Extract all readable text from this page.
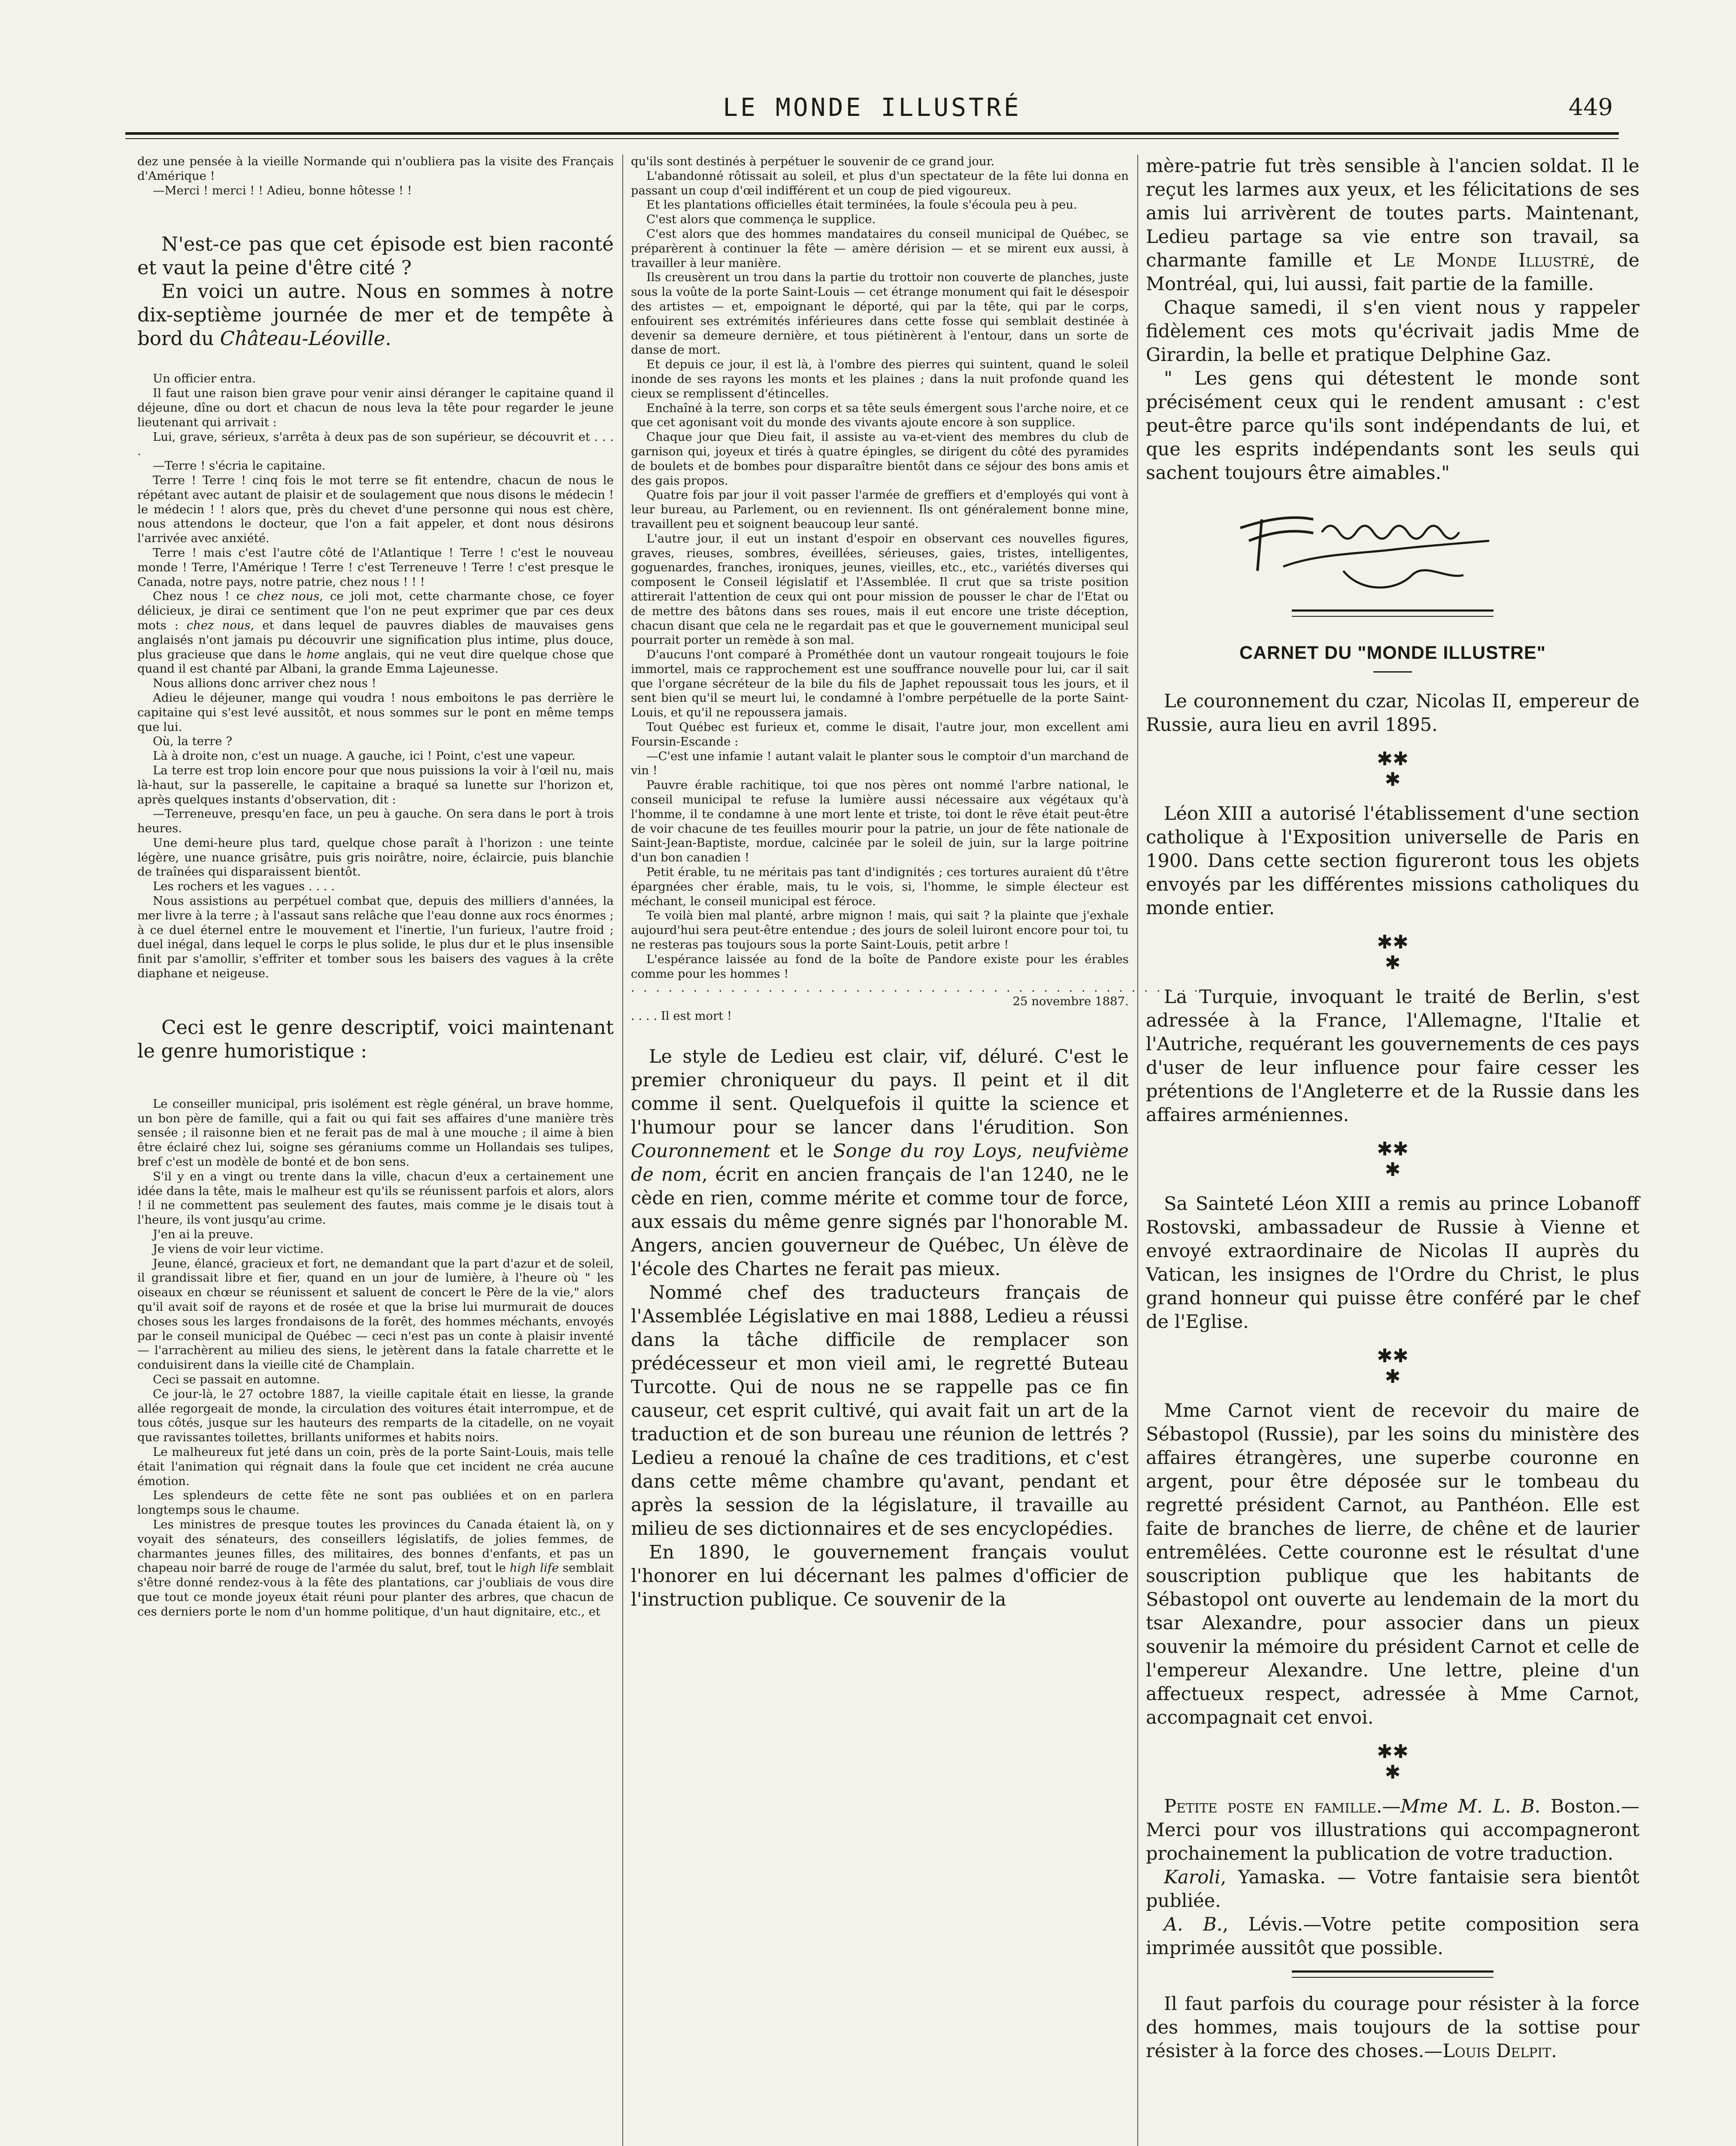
LE MONDE ILLUSTRÉ	449

dez une pensée à la vieille Normande qui n'oubliera pas la visite des Français d'Amérique !

—Merci ! merci ! ! Adieu, bonne hôtesse ! !

N'est-ce pas que cet épisode est bien raconté et vaut la peine d'être cité ?

En voici un autre. Nous en sommes à notre dix-septième journée de mer et de tempête à bord du Château-Léoville.

Un officier entra.

Il faut une raison bien grave pour venir ainsi déranger le capitaine quand il déjeune, dîne ou dort et chacun de nous leva la tête pour regarder le jeune lieutenant qui arrivait :

Lui, grave, sérieux, s'arrêta à deux pas de son supérieur, se découvrit et . . . .

—Terre ! s'écria le capitaine.

Terre ! Terre ! cinq fois le mot terre se fit entendre, chacun de nous le répétant avec autant de plaisir et de soulagement que nous disons le médecin ! le médecin ! ! alors que, près du chevet d'une personne qui nous est chère, nous attendons le docteur, que l'on a fait appeler, et dont nous désirons l'arrivée avec anxiété.

Terre ! mais c'est l'autre côté de l'Atlantique ! Terre ! c'est le nouveau monde ! Terre, l'Amérique ! Terre ! c'est Terreneuve ! Terre ! c'est presque le Canada, notre pays, notre patrie, chez nous ! ! !

Chez nous ! ce chez nous, ce joli mot, cette charmante chose, ce foyer délicieux, je dirai ce sentiment que l'on ne peut exprimer que par ces deux mots : chez nous, et dans lequel de pauvres diables de mauvaises gens anglaisés n'ont jamais pu découvrir une signification plus intime, plus douce, plus gracieuse que dans le home anglais, qui ne veut dire quelque chose que quand il est chanté par Albani, la grande Emma Lajeunesse.

Nous allions donc arriver chez nous !

Adieu le déjeuner, mange qui voudra ! nous emboitons le pas derrière le capitaine qui s'est levé aussitôt, et nous sommes sur le pont en même temps que lui.

Où, la terre ?

Là à droite non, c'est un nuage. A gauche, ici ! Point, c'est une vapeur.

La terre est trop loin encore pour que nous puissions la voir à l'œil nu, mais là-haut, sur la passerelle, le capitaine a braqué sa lunette sur l'horizon et, après quelques instants d'observation, dit :

—Terreneuve, presqu'en face, un peu à gauche. On sera dans le port à trois heures.

Une demi-heure plus tard, quelque chose paraît à l'horizon : une teinte légère, une nuance grisâtre, puis gris noirâtre, noire, éclaircie, puis blanchie de traînées qui disparaissent bientôt.

Les rochers et les vagues . . . .

Nous assistions au perpétuel combat que, depuis des milliers d'années, la mer livre à la terre ; à l'assaut sans relâche que l'eau donne aux rocs énormes ; à ce duel éternel entre le mouvement et l'inertie, l'un furieux, l'autre froid ; duel inégal, dans lequel le corps le plus solide, le plus dur et le plus insensible finit par s'amollir, s'effriter et tomber sous les baisers des vagues à la crête diaphane et neigeuse.

Ceci est le genre descriptif, voici maintenant le genre humoristique :

Le conseiller municipal, pris isolément est règle général, un brave homme, un bon père de famille, qui a fait ou qui fait ses affaires d'une manière très sensée ; il raisonne bien et ne ferait pas de mal à une mouche ; il aime à bien être éclairé chez lui, soigne ses géraniums comme un Hollandais ses tulipes, bref c'est un modèle de bonté et de bon sens.

S'il y en a vingt ou trente dans la ville, chacun d'eux a certainement une idée dans la tête, mais le malheur est qu'ils se réunissent parfois et alors, alors ! il ne commettent pas seulement des fautes, mais comme je le disais tout à l'heure, ils vont jusqu'au crime.

J'en ai la preuve.

Je viens de voir leur victime.

Jeune, élancé, gracieux et fort, ne demandant que la part d'azur et de soleil, il grandissait libre et fier, quand en un jour de lumière, à l'heure où " les oiseaux en chœur se réunissent et saluent de concert le Père de la vie," alors qu'il avait soif de rayons et de rosée et que la brise lui murmurait de douces choses sous les larges frondaisons de la forêt, des hommes méchants, envoyés par le conseil municipal de Québec — ceci n'est pas un conte à plaisir inventé — l'arrachèrent au milieu des siens, le jetèrent dans la fatale charrette et le conduisirent dans la vieille cité de Champlain.

Ceci se passait en automne.

Ce jour-là, le 27 octobre 1887, la vieille capitale était en liesse, la grande allée regorgeait de monde, la circulation des voitures était interrompue, et de tous côtés, jusque sur les hauteurs des remparts de la citadelle, on ne voyait que ravissantes toilettes, brillants uniformes et habits noirs.

Le malheureux fut jeté dans un coin, près de la porte Saint-Louis, mais telle était l'animation qui régnait dans la foule que cet incident ne créa aucune émotion.

Les splendeurs de cette fête ne sont pas oubliées et on en parlera longtemps sous le chaume.

Les ministres de presque toutes les provinces du Canada étaient là, on y voyait des sénateurs, des conseillers législatifs, de jolies femmes, de charmantes jeunes filles, des militaires, des bonnes d'enfants, et pas un chapeau noir barré de rouge de l'armée du salut, bref, tout le high life semblait s'être donné rendez-vous à la fête des plantations, car j'oubliais de vous dire que tout ce monde joyeux était réuni pour planter des arbres, que chacun de ces derniers porte le nom d'un homme politique, d'un haut dignitaire, etc., et

qu'ils sont destinés à perpétuer le souvenir de ce grand jour.

L'abandonné rôtissait au soleil, et plus d'un spectateur de la fête lui donna en passant un coup d'œil indifférent et un coup de pied vigoureux.

Et les plantations officielles était terminées, la foule s'écoula peu à peu.

C'est alors que commença le supplice.

C'est alors que des hommes mandataires du conseil municipal de Québec, se préparèrent à continuer la fête — amère dérision — et se mirent eux aussi, à travailler à leur manière.

Ils creusèrent un trou dans la partie du trottoir non couverte de planches, juste sous la voûte de la porte Saint-Louis — cet étrange monument qui fait le désespoir des artistes — et, empoignant le déporté, qui par la tête, qui par le corps, enfouirent ses extrémités inférieures dans cette fosse qui semblait destinée à devenir sa demeure dernière, et tous piétinèrent à l'entour, dans un sorte de danse de mort.

Et depuis ce jour, il est là, à l'ombre des pierres qui suintent, quand le soleil inonde de ses rayons les monts et les plaines ; dans la nuit profonde quand les cieux se remplissent d'étincelles.

Enchaîné à la terre, son corps et sa tête seuls émergent sous l'arche noire, et ce que cet agonisant voit du monde des vivants ajoute encore à son supplice.

Chaque jour que Dieu fait, il assiste au va-et-vient des membres du club de garnison qui, joyeux et tirés à quatre épingles, se dirigent du côté des pyramides de boulets et de bombes pour disparaître bientôt dans ce séjour des bons amis et des gais propos.

Quatre fois par jour il voit passer l'armée de greffiers et d'employés qui vont à leur bureau, au Parlement, ou en reviennent. Ils ont généralement bonne mine, travaillent peu et soignent beaucoup leur santé.

L'autre jour, il eut un instant d'espoir en observant ces nouvelles figures, graves, rieuses, sombres, éveillées, sérieuses, gaies, tristes, intelligentes, goguenardes, franches, ironiques, jeunes, vieilles, etc., etc., variétés diverses qui composent le Conseil législatif et l'Assemblée. Il crut que sa triste position attirerait l'attention de ceux qui ont pour mission de pousser le char de l'Etat ou de mettre des bâtons dans ses roues, mais il eut encore une triste déception, chacun disant que cela ne le regardait pas et que le gouvernement municipal seul pourrait porter un remède à son mal.

D'aucuns l'ont comparé à Prométhée dont un vautour rongeait toujours le foie immortel, mais ce rapprochement est une souffrance nouvelle pour lui, car il sait que l'organe sécréteur de la bile du fils de Japhet repoussait tous les jours, et il sent bien qu'il se meurt lui, le condamné à l'ombre perpétuelle de la porte Saint-Louis, et qu'il ne repoussera jamais.

Tout Québec est furieux et, comme le disait, l'autre jour, mon excellent ami Foursin-Escande :

—C'est une infamie ! autant valait le planter sous le comptoir d'un marchand de vin !

Pauvre érable rachitique, toi que nos pères ont nommé l'arbre national, le conseil municipal te refuse la lumière aussi nécessaire aux végétaux qu'à l'homme, il te condamne à une mort lente et triste, toi dont le rêve était peut-être de voir chacune de tes feuilles mourir pour la patrie, un jour de fête nationale de Saint-Jean-Baptiste, mordue, calcinée par le soleil de juin, sur la large poitrine d'un bon canadien !

Petit érable, tu ne méritais pas tant d'indignités ; ces tortures auraient dû t'être épargnées cher érable, mais, tu le vois, si, l'homme, le simple électeur est méchant, le conseil municipal est féroce.

Te voilà bien mal planté, arbre mignon ! mais, qui sait ? la plainte que j'exhale aujourd'hui sera peut-être entendue ; des jours de soleil luiront encore pour toi, tu ne resteras pas toujours sous la porte Saint-Louis, petit arbre !

L'espérance laissée au fond de la boîte de Pandore existe pour les érables comme pour les hommes !

. . . . . . . . . . . . . . . . . . . . . . . . . . . . . . . . . . . . . . . . . . . . . .

25 novembre 1887.

. . . . Il est mort !

Le style de Ledieu est clair, vif, déluré. C'est le premier chroniqueur du pays. Il peint et il dit comme il sent. Quelquefois il quitte la science et l'humour pour se lancer dans l'érudition. Son Couronnement et le Songe du roy Loys, neufvième de nom, écrit en ancien français de l'an 1240, ne le cède en rien, comme mérite et comme tour de force, aux essais du même genre signés par l'honorable M. Angers, ancien gouverneur de Québec, Un élève de l'école des Chartes ne ferait pas mieux.

Nommé chef des traducteurs français de l'Assemblée Législative en mai 1888, Ledieu a réussi dans la tâche difficile de remplacer son prédécesseur et mon vieil ami, le regretté Buteau Turcotte. Qui de nous ne se rappelle pas ce fin causeur, cet esprit cultivé, qui avait fait un art de la traduction et de son bureau une réunion de lettrés ? Ledieu a renoué la chaîne de ces traditions, et c'est dans cette même chambre qu'avant, pendant et après la session de la législature, il travaille au milieu de ses dictionnaires et de ses encyclopédies.

En 1890, le gouvernement français voulut l'honorer en lui décernant les palmes d'officier de l'instruction publique. Ce souvenir de la

mère-patrie fut très sensible à l'ancien soldat. Il le reçut les larmes aux yeux, et les félicitations de ses amis lui arrivèrent de toutes parts. Maintenant, Ledieu partage sa vie entre son travail, sa charmante famille et Le Monde Illustré, de Montréal, qui, lui aussi, fait partie de la famille.

Chaque samedi, il s'en vient nous y rappeler fidèlement ces mots qu'écrivait jadis Mme de Girardin, la belle et pratique Delphine Gaz.

" Les gens qui détestent le monde sont précisément ceux qui le rendent amusant : c'est peut-être parce qu'ils sont indépendants de lui, et que les esprits indépendants sont les seuls qui sachent toujours être aimables."

CARNET DU "MONDE ILLUSTRE"

Le couronnement du czar, Nicolas II, empereur de Russie, aura lieu en avril 1895.

✱✱
✱

Léon XIII a autorisé l'établissement d'une section catholique à l'Exposition universelle de Paris en 1900. Dans cette section figureront tous les objets envoyés par les différentes missions catholiques du monde entier.

✱✱
✱

La Turquie, invoquant le traité de Berlin, s'est adressée à la France, l'Allemagne, l'Italie et l'Autriche, requérant les gouvernements de ces pays d'user de leur influence pour faire cesser les prétentions de l'Angleterre et de la Russie dans les affaires arméniennes.

✱✱
✱

Sa Sainteté Léon XIII a remis au prince Lobanoff Rostovski, ambassadeur de Russie à Vienne et envoyé extraordinaire de Nicolas II auprès du Vatican, les insignes de l'Ordre du Christ, le plus grand honneur qui puisse être conféré par le chef de l'Eglise.

✱✱
✱

Mme Carnot vient de recevoir du maire de Sébastopol (Russie), par les soins du ministère des affaires étrangères, une superbe couronne en argent, pour être déposée sur le tombeau du regretté président Carnot, au Panthéon. Elle est faite de branches de lierre, de chêne et de laurier entremêlées. Cette couronne est le résultat d'une souscription publique que les habitants de Sébastopol ont ouverte au lendemain de la mort du tsar Alexandre, pour associer dans un pieux souvenir la mémoire du président Carnot et celle de l'empereur Alexandre. Une lettre, pleine d'un affectueux respect, adressée à Mme Carnot, accompagnait cet envoi.

✱✱
✱

Petite poste en famille.—Mme M. L. B. Boston.—Merci pour vos illustrations qui accompagneront prochainement la publication de votre traduction.

Karoli, Yamaska. — Votre fantaisie sera bientôt publiée.

A. B., Lévis.—Votre petite composition sera imprimée aussitôt que possible.

Il faut parfois du courage pour résister à la force des hommes, mais toujours de la sottise pour résister à la force des choses.—Louis Delpit.
